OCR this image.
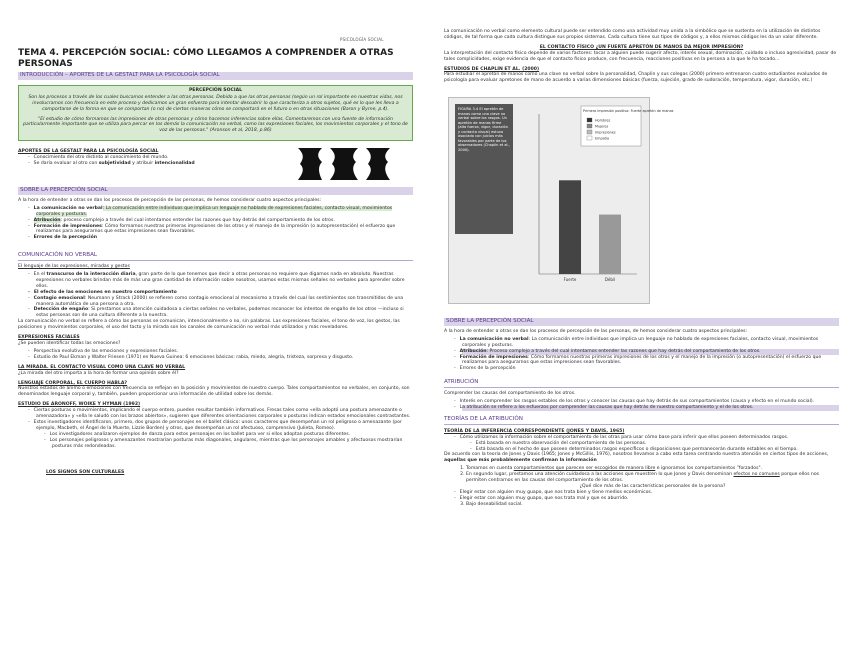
PSICOLOGÍA SOCIAL
TEMA 4. PERCEPCIÓN SOCIAL: CÓMO LLEGAMOS A COMPRENDER A OTRAS PERSONAS
INTRODUCCIÓN – APORTES DE LA GESTALT PARA LA PSICOLOGÍA SOCIAL
PERCEPCIÓN SOCIAL

Son los procesos a través de los cuales buscamos entender a las otras personas. Debido a que las otras personas (según un rol importante en nuestras vidas, nos involucramos con frecuencia en este proceso y dedicamos un gran esfuerzo para intentar descubrir lo que caracteriza a otros sujetos, qué es lo que les lleva a comportarse de la forma en que se comportan (o no) de ciertos maneras cómo se comportará en el futuro o en otras situaciones (Baron y Byrne, p.4).

"El estudio de cómo formamos las impresiones de otras personas y cómo hacemos inferencias sobre ellas. Comentaremos con una fuente de información particularmente importante que se utiliza para percar en los demás la comunicación no verbal, como las expresiones faciales, los movimientos corporales y el tono de voz de las personas." (Aronson et al, 2018, p.86)

APORTES DE LA GESTALT PARA LA PSICOLOGÍA SOCIAL
- Conocimiento del otro distinto al conocimiento del mundo.
- Se daría evaluar al otro con subjetividad y atribuir intencionalidad
SOBRE LA PERCEPCIÓN SOCIAL

A la hora de entender a otras se dan los procesos de percepción de las personas, de hemos considerar cuatro aspectos principales:

- La comunicación no verbal: La comunicación entre individuos que implica un lenguaje no hablado de expresiones faciales, contacto visual, movimientos corporales y posturas.
- Atribución: proceso complejo a través del cual intentamos entender las razones que hay detrás del comportamiento de los otros.
- Formación de impresiones: Cómo formamos nuestras primeras impresiones de los otros y el manejo de la impresión (o autopresentación) el esfuerzo que realizamos para asegurarnos que estas impresiones sean favorables.
- Errores de la percepción
COMUNICACIÓN NO VERBAL

El lenguaje de las expresiones, miradas y gestos

- En el transcurso de la interacción diaria, gran parte de lo que tenemos que decir a otras personas no requiere que digamos nada en absoluto. Nuestras expresiones no verbales brindan más de más una gran cantidad de información sobre nosotros, usamos estas mismas señales no verbales para aprender sobre ellos.
- El efecto de las emociones en nuestro comportamiento
- Contagio emocional: Neumann y Strack (2000) se refieren como contagio emocional al mecanismo a través del cual los sentimientos son transmitidos de una manera automática de una persona a otra.
- Detección de engaño: Si prestamos una atención cuidadosa a ciertas señales no verbales, podemos reconocer los intentos de engaño de los otros —incluso si estas personas son de una cultura diferente a la nuestra.

La comunicación no verbal se refiere a cómo las personas se comunican, intencionalmente o no, sin palabras. Las expresiones faciales, el tono de voz, los gestos, las posiciones y movimientos corporales, el uso del tacto y la mirada son los canales de comunicación no verbal más utilizados y más reveladores.

EXPRESIONES FACIALES

¿Se pueden identificar todas las emociones?

- Perspectiva evolutiva de las emociones y expresiones faciales.
- Estudio de Paul Ekman y Walter Friesen (1971) en Nueva Guinea: 6 emociones básicas: rabia, miedo, alegría, tristeza, sorpresa y disgusto.
LA MIRADA. EL CONTACTO VISUAL COMO UNA CLAVE NO VERBAL

¿La mirada del otro importa a la hora de formar una opinión sobre él?

LENGUAJE CORPORAL, EL CUERPO HABLA?

Nuestros estados de ánimo o emociones con frecuencia se reflejan en la posición y movimientos de nuestro cuerpo. Tales comportamientos no verbales, en conjunto, son denominados lenguaje corporal y, también, pueden proporcionar una información de utilidad sobre los demás.

ESTUDIO DE ARONOFF, WOIKE Y HYMAN (1992)
- Ciertas posturas o movimientos, implicando el cuerpo entero, pueden resultar también informativos. Fresas tales como «ella adoptó una postura amenazante o amenazadora» y «ella le saludó con los brazos abiertos», sugieren que diferentes orientaciones corporales o posturas indican estados emocionales contrastantes.
- Estos investigadores identificaron, primero, dos grupos de personajes en el ballet clásico: unos caracteres que desempeñan un rol peligroso o amenazante (por ejemplo, Macbeth, el Ángel de la Muerte, Lizzie Borden) y otros, que desempeñan un rol afectuoso, comprensivo (Julieta, Romeo).
- Los investigadores analizaron ejemplos de danza para estos personajes en los ballet para ver si ellos adoptan posturas diferentes.
- Los personajes peligrosos y amenazantes mostrarían posturas más diagonales, angulares, mientras que los personajes amables y afectuosos mostrarían posturas más redondeadas.
LOS SIGNOS SON CULTURALES

La comunicación no verbal como elemento cultural puede ser entendido como una actividad muy unida a la simbólico que se sustenta en la utilización de distintos códigos, de tal forma que cada cultura distingue sus propios sistemas. Cada cultura tiene sus tipos de códigos y, a ellos mismos códigos les da un valor diferente.

EL CONTACTO FÍSICO ¿UN FUERTE APRETÓN DE MANOS DA MEJOR IMPRESIÓN?

La interpretación del contacto físico depende de varios factores: tocar a alguien puede sugerir afecto, interés sexual, dominación, cuidado o incluso agresividad, pasar de tales complicidades, exige evidencia de que el contacto físico produce, con frecuencia, reacciones positivas en la persona a la que le ha tocado…

ESTUDIOS DE CHAPLIN ET AL. (2000)

Para estudiar el apretón de manos como una clave no verbal sobre la personalidad, Chaplin y sus colegas (2000) primero entrenaron cuatro estudiantes evaluados de psicología para evaluar apretones de mano de acuerdo a varias dimensiones básicas (fuerza, sujeción, grado de sudoración, temperatura, vigor, duración, etc.)

FIGURA 3.4 El apretón de manos como una clave no verbal sobre los rasgos. Un apretón de manos firme (alta fuerza, vigor, duración y contacto visual) estuvo asociado con juicios más favorables por parte de los observadores (Chaplin et al., 2000).
Primera impresión positiva: Fuerte apretón de manos
Hombres
Mujeres
Impresiones
Empatía
Fuerte	Débil
SOBRE LA PERCEPCIÓN SOCIAL

A la hora de entender a otras se dan los procesos de percepción de las personas, de hemos considerar cuatro aspectos principales:

- La comunicación no verbal: La comunicación entre individuos que implica un lenguaje no hablado de expresiones faciales, contacto visual, movimientos corporales y posturas.
- Atribución: Proceso complejo a través del cual intentamos entender las razones que hay detrás del comportamiento de los otros.
- Formación de impresiones: Cómo formamos nuestras primeras impresiones de los otros y el manejo de la impresión (o autopresentación) el esfuerzo que realizamos para asegurarnos que estas impresiones sean favorables.
- Errores de la percepción
ATRIBUCIÓN

Comprender las causas del comportamiento de los otros.

- Interés en comprender los rasgos estables de los otros y conocer las causas que hay detrás de sus comportamientos (causa y efecto en el mundo social).
- La atribución se refiere a los esfuerzos por comprender las causas que hay detrás de nuestro comportamiento y el de los otros.
TEORÍAS DE LA ATRIBUCIÓN
TEORÍA DE LA INFERENCIA CORRESPONDIENTE (JONES Y DAVIS, 1965)
- Cómo utilizamos la información sobre el comportamiento de las otras para usar cómo base para inferir que ellos poseen determinados rasgos.
- Está basada en nuestra observación del comportamiento de las personas.
- Está basada en el hecho de que poseen determinados rasgos específicos o disposiciones que permanecerán durante estables en el tiempo.

De acuerdo con la teoría de Jones y Davis (1965; Jones y McGillis, 1976), nosotros llevamos a cabo esta tarea centrando nuestra atención en ciertos tipos de acciones, aquellas que más probablemente confirman la información

1. Tomamos en cuenta comportamientos que parecen ser escogidos de manera libre e ignoramos los comportamientos "forzados".
2. En segundo lugar, prestamos una atención cuidadosa a las acciones que muestren lo que Jones y Davis denominan efectos no comunes porque ellos nos permiten centrarnos en las causas del comportamiento de los otros.
¿Qué dice más de las características personales de la persona?
- Elegir estar con alguien muy guapo, que nos trata bien y tiene medios económicos.
- Elegir estar con alguien muy guapo, que nos trata mal y que es aburrido.
3. Bajo deseabilidad social.
